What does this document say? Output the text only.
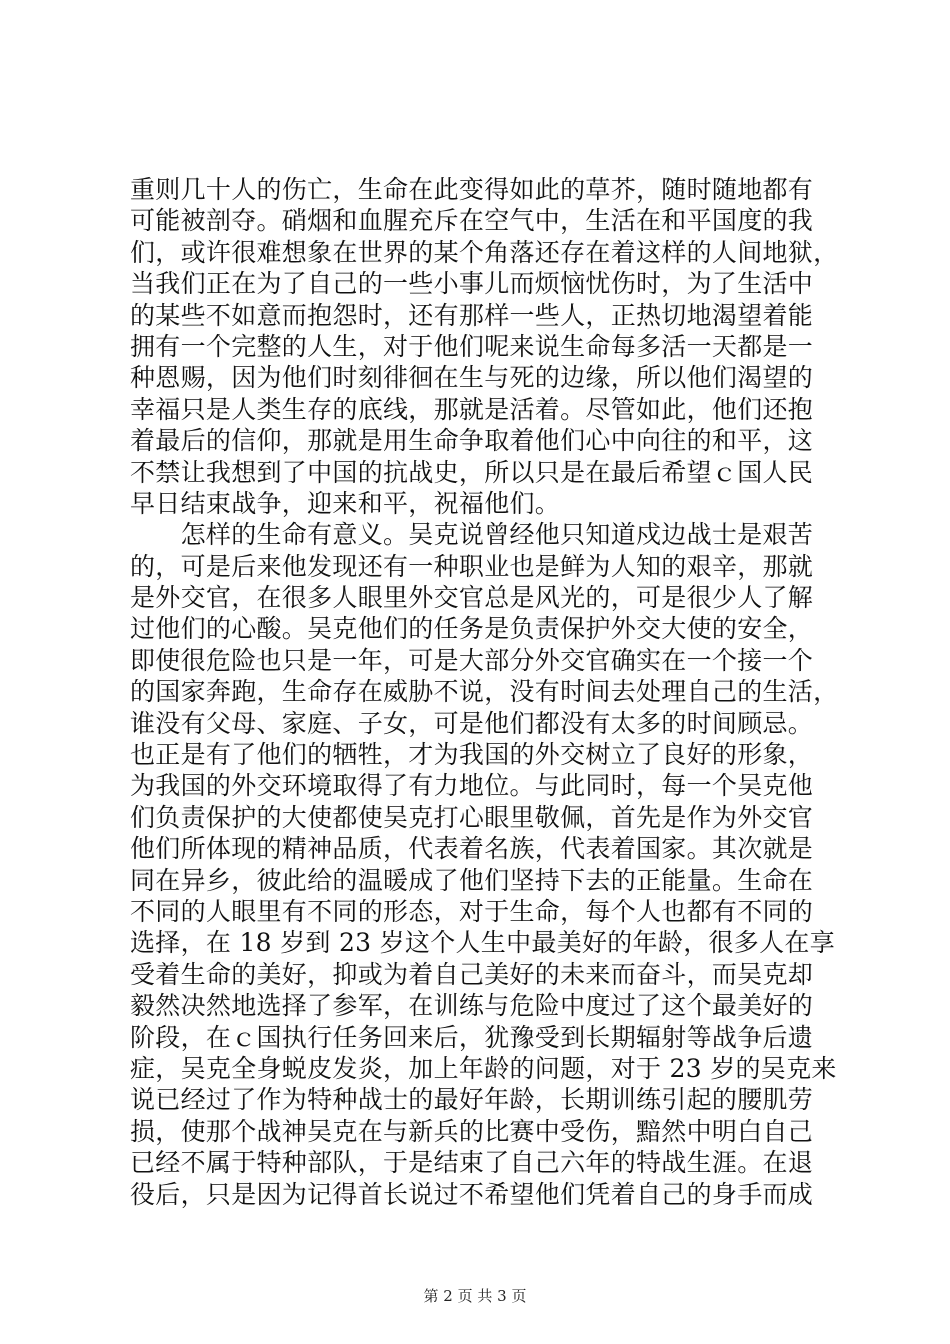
重则几十人的伤亡，生命在此变得如此的草芥，随时随地都有
可能被剖夺。硝烟和血腥充斥在空气中，生活在和平国度的我
们，或许很难想象在世界的某个角落还存在着这样的人间地狱，
当我们正在为了自己的一些小事儿而烦恼忧伤时，为了生活中
的某些不如意而抱怨时，还有那样一些人，正热切地渴望着能
拥有一个完整的人生，对于他们呢来说生命每多活一天都是一
种恩赐，因为他们时刻徘徊在生与死的边缘，所以他们渴望的
幸福只是人类生存的底线，那就是活着。尽管如此，他们还抱
着最后的信仰，那就是用生命争取着他们心中向往的和平，这
不禁让我想到了中国的抗战史，所以只是在最后希望ｃ国人民
早日结束战争，迎来和平，祝福他们。
　　怎样的生命有意义。吴克说曾经他只知道戍边战士是艰苦
的，可是后来他发现还有一种职业也是鲜为人知的艰辛，那就
是外交官，在很多人眼里外交官总是风光的，可是很少人了解
过他们的心酸。吴克他们的任务是负责保护外交大使的安全，
即使很危险也只是一年，可是大部分外交官确实在一个接一个
的国家奔跑，生命存在威胁不说，没有时间去处理自己的生活，
谁没有父母、家庭、子女，可是他们都没有太多的时间顾忌。
也正是有了他们的牺牲，才为我国的外交树立了良好的形象，
为我国的外交环境取得了有力地位。与此同时，每一个吴克他
们负责保护的大使都使吴克打心眼里敬佩，首先是作为外交官
他们所体现的精神品质，代表着名族，代表着国家。其次就是
同在异乡，彼此给的温暖成了他们坚持下去的正能量。生命在
不同的人眼里有不同的形态，对于生命，每个人也都有不同的
选择，在 18 岁到 23 岁这个人生中最美好的年龄，很多人在享
受着生命的美好，抑或为着自己美好的未来而奋斗，而吴克却
毅然决然地选择了参军，在训练与危险中度过了这个最美好的
阶段，在ｃ国执行任务回来后，犹豫受到长期辐射等战争后遗
症，吴克全身蜕皮发炎，加上年龄的问题，对于 23 岁的吴克来
说已经过了作为特种战士的最好年龄，长期训练引起的腰肌劳
损，使那个战神吴克在与新兵的比赛中受伤，黯然中明白自己
已经不属于特种部队，于是结束了自己六年的特战生涯。在退
役后，只是因为记得首长说过不希望他们凭着自己的身手而成
第 2 页 共 3 页
